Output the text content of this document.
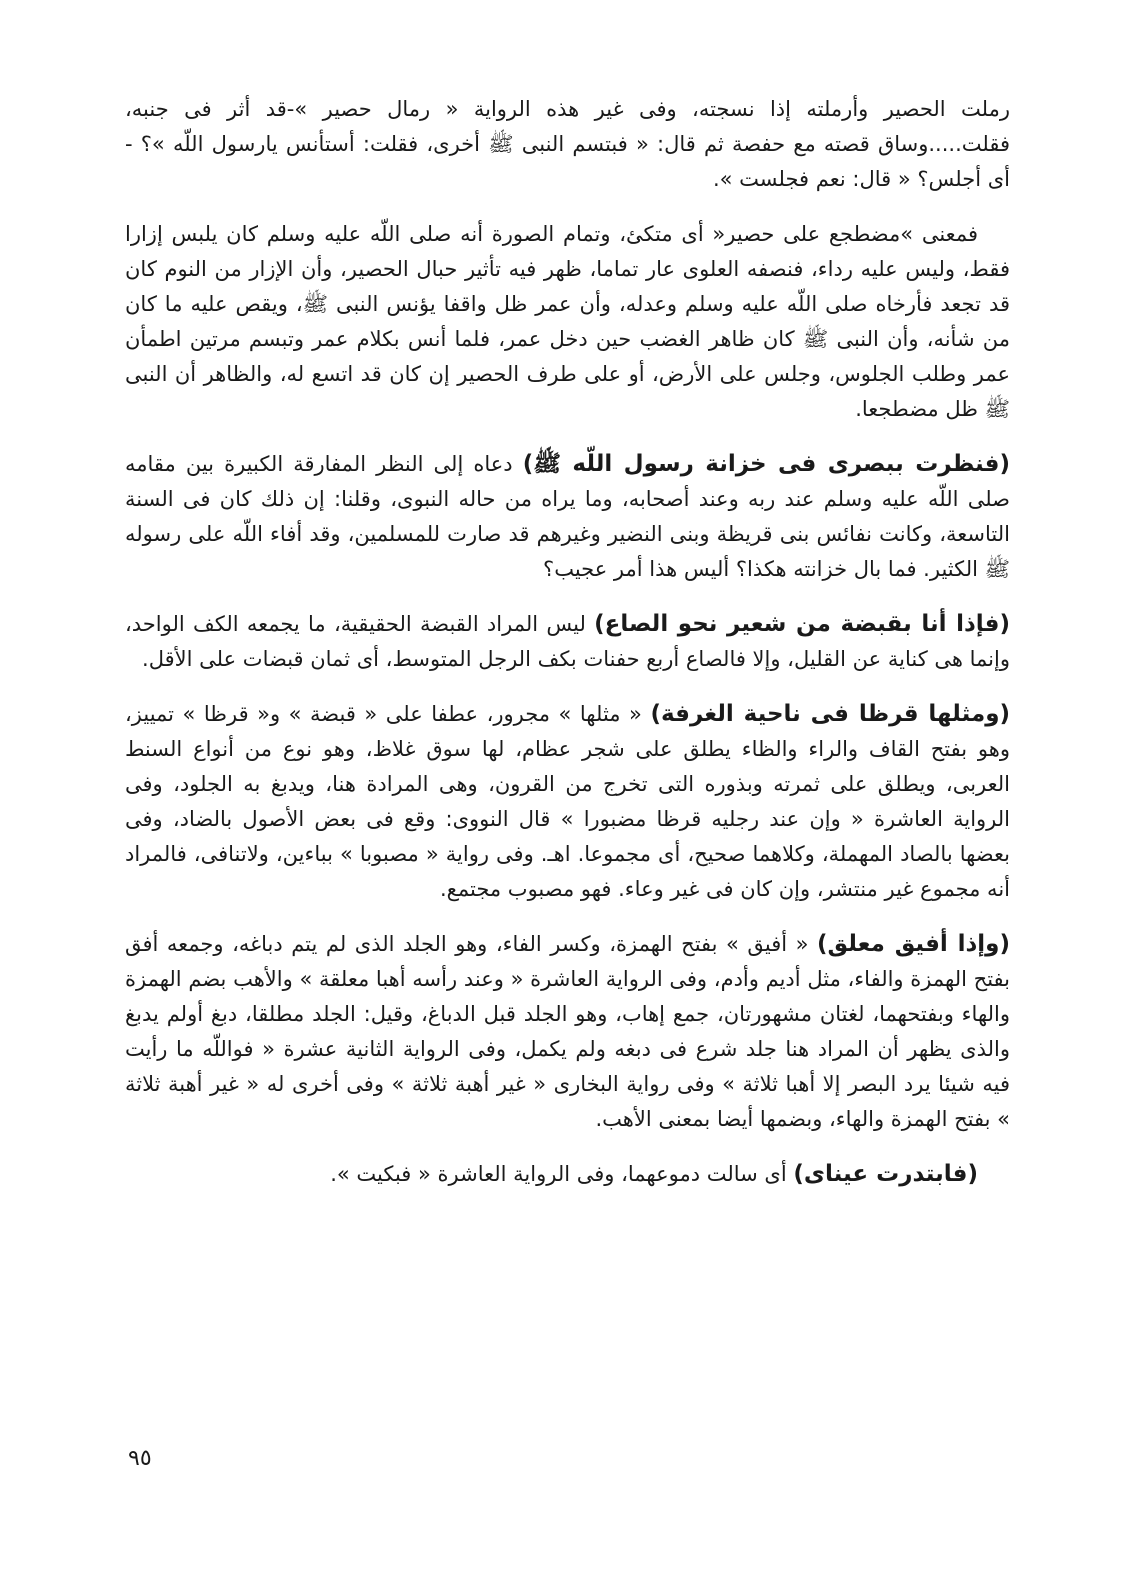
رملت الحصير وأرملته إذا نسجته، وفى غير هذه الرواية « رمال حصير »-قد أثر فى جنبه، فقلت.....وساق قصته مع حفصة ثم قال: « فبتسم النبى ﷺ أخرى، فقلت: أستأنس يارسول اللّه »؟ - أى أجلس؟ « قال: نعم فجلست ».

فمعنى »مضطجع على حصير« أى متكئ، وتمام الصورة أنه صلى اللّه عليه وسلم كان يلبس إزارا فقط، وليس عليه رداء، فنصفه العلوى عار تماما، ظهر فيه تأثير حبال الحصير، وأن الإزار من النوم كان قد تجعد فأرخاه صلى اللّه عليه وسلم وعدله، وأن عمر ظل واقفا يؤنس النبى ﷺ، ويقص عليه ما كان من شأنه، وأن النبى ﷺ كان ظاهر الغضب حين دخل عمر، فلما أنس بكلام عمر وتبسم مرتين اطمأن عمر وطلب الجلوس، وجلس على الأرض، أو على طرف الحصير إن كان قد اتسع له، والظاهر أن النبى ﷺ ظل مضطجعا.

(فنظرت ببصرى فى خزانة رسول اللّه ﷺ) دعاه إلى النظر المفارقة الكبيرة بين مقامه صلى اللّه عليه وسلم عند ربه وعند أصحابه، وما يراه من حاله النبوى، وقلنا: إن ذلك كان فى السنة التاسعة، وكانت نفائس بنى قريظة وبنى النضير وغيرهم قد صارت للمسلمين، وقد أفاء اللّه على رسوله ﷺ الكثير. فما بال خزانته هكذا؟ أليس هذا أمر عجيب؟

(فإذا أنا بقبضة من شعير نحو الصاع) ليس المراد القبضة الحقيقية، ما يجمعه الكف الواحد، وإنما هى كناية عن القليل، وإلا فالصاع أربع حفنات بكف الرجل المتوسط، أى ثمان قبضات على الأقل.

(ومثلها قرظا فى ناحية الغرفة) « مثلها » مجرور، عطفا على « قبضة » و« قرظا » تمييز، وهو بفتح القاف والراء والظاء يطلق على شجر عظام، لها سوق غلاظ، وهو نوع من أنواع السنط العربى، ويطلق على ثمرته وبذوره التى تخرج من القرون، وهى المرادة هنا، ويدبغ به الجلود، وفى الرواية العاشرة « وإن عند رجليه قرظا مضبورا » قال النووى: وقع فى بعض الأصول بالضاد، وفى بعضها بالصاد المهملة، وكلاهما صحيح، أى مجموعا. اهـ. وفى رواية « مصبوبا » بباءين، ولاتنافى، فالمراد أنه مجموع غير منتشر، وإن كان فى غير وعاء. فهو مصبوب مجتمع.

(وإذا أفيق معلق) « أفيق » بفتح الهمزة، وكسر الفاء، وهو الجلد الذى لم يتم دباغه، وجمعه أفق بفتح الهمزة والفاء، مثل أديم وأدم، وفى الرواية العاشرة « وعند رأسه أهبا معلقة » والأهب بضم الهمزة والهاء وبفتحهما، لغتان مشهورتان، جمع إهاب، وهو الجلد قبل الدباغ، وقيل: الجلد مطلقا، دبغ أولم يدبغ والذى يظهر أن المراد هنا جلد شرع فى دبغه ولم يكمل، وفى الرواية الثانية عشرة « فواللّه ما رأيت فيه شيئا يرد البصر إلا أهبا ثلاثة » وفى رواية البخارى « غير أهبة ثلاثة » وفى أخرى له « غير أهبة ثلاثة » بفتح الهمزة والهاء، وبضمها أيضا بمعنى الأهب.

(فابتدرت عيناى) أى سالت دموعهما، وفى الرواية العاشرة « فبكيت ».

٩٥
